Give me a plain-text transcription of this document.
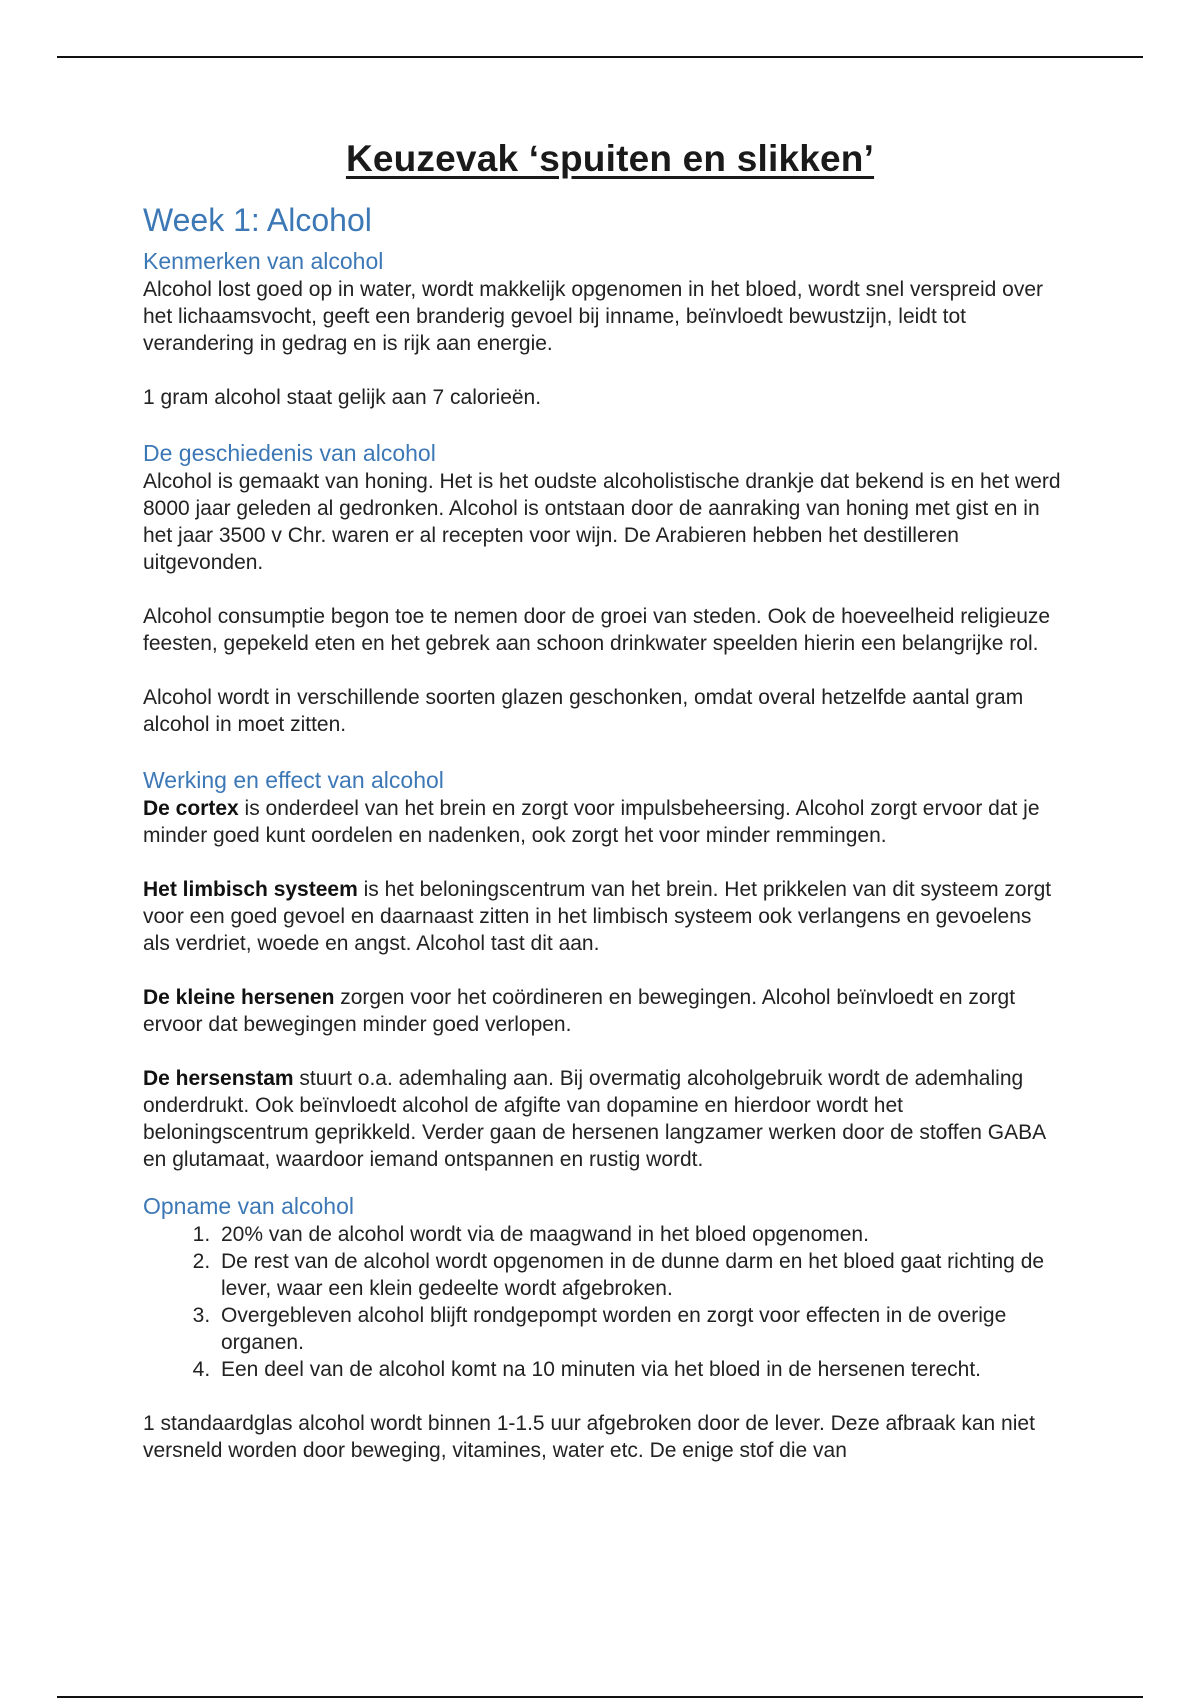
Keuzevak ‘spuiten en slikken’
Week 1: Alcohol
Kenmerken van alcohol

Alcohol lost goed op in water, wordt makkelijk opgenomen in het bloed, wordt snel verspreid over het lichaamsvocht, geeft een branderig gevoel bij inname, beïnvloedt bewustzijn, leidt tot verandering in gedrag en is rijk aan energie.

1 gram alcohol staat gelijk aan 7 calorieën.

De geschiedenis van alcohol

Alcohol is gemaakt van honing. Het is het oudste alcoholistische drankje dat bekend is en het werd 8000 jaar geleden al gedronken. Alcohol is ontstaan door de aanraking van honing met gist en in het jaar 3500 v Chr. waren er al recepten voor wijn. De Arabieren hebben het destilleren uitgevonden.

Alcohol consumptie begon toe te nemen door de groei van steden. Ook de hoeveelheid religieuze feesten, gepekeld eten en het gebrek aan schoon drinkwater speelden hierin een belangrijke rol.

Alcohol wordt in verschillende soorten glazen geschonken, omdat overal hetzelfde aantal gram alcohol in moet zitten.

Werking en effect van alcohol

De cortex is onderdeel van het brein en zorgt voor impulsbeheersing. Alcohol zorgt ervoor dat je minder goed kunt oordelen en nadenken, ook zorgt het voor minder remmingen.

Het limbisch systeem is het beloningscentrum van het brein. Het prikkelen van dit systeem zorgt voor een goed gevoel en daarnaast zitten in het limbisch systeem ook verlangens en gevoelens als verdriet, woede en angst. Alcohol tast dit aan.

De kleine hersenen zorgen voor het coördineren en bewegingen. Alcohol beïnvloedt en zorgt ervoor dat bewegingen minder goed verlopen.

De hersenstam stuurt o.a. ademhaling aan. Bij overmatig alcoholgebruik wordt de ademhaling onderdrukt. Ook beïnvloedt alcohol de afgifte van dopamine en hierdoor wordt het beloningscentrum geprikkeld. Verder gaan de hersenen langzamer werken door de stoffen GABA en glutamaat, waardoor iemand ontspannen en rustig wordt.

Opname van alcohol
1. 20% van de alcohol wordt via de maagwand in het bloed opgenomen.
2. De rest van de alcohol wordt opgenomen in de dunne darm en het bloed gaat richting de lever, waar een klein gedeelte wordt afgebroken.
3. Overgebleven alcohol blijft rondgepompt worden en zorgt voor effecten in de overige organen.
4. Een deel van de alcohol komt na 10 minuten via het bloed in de hersenen terecht.

1 standaardglas alcohol wordt binnen 1-1.5 uur afgebroken door de lever. Deze afbraak kan niet versneld worden door beweging, vitamines, water etc. De enige stof die van
